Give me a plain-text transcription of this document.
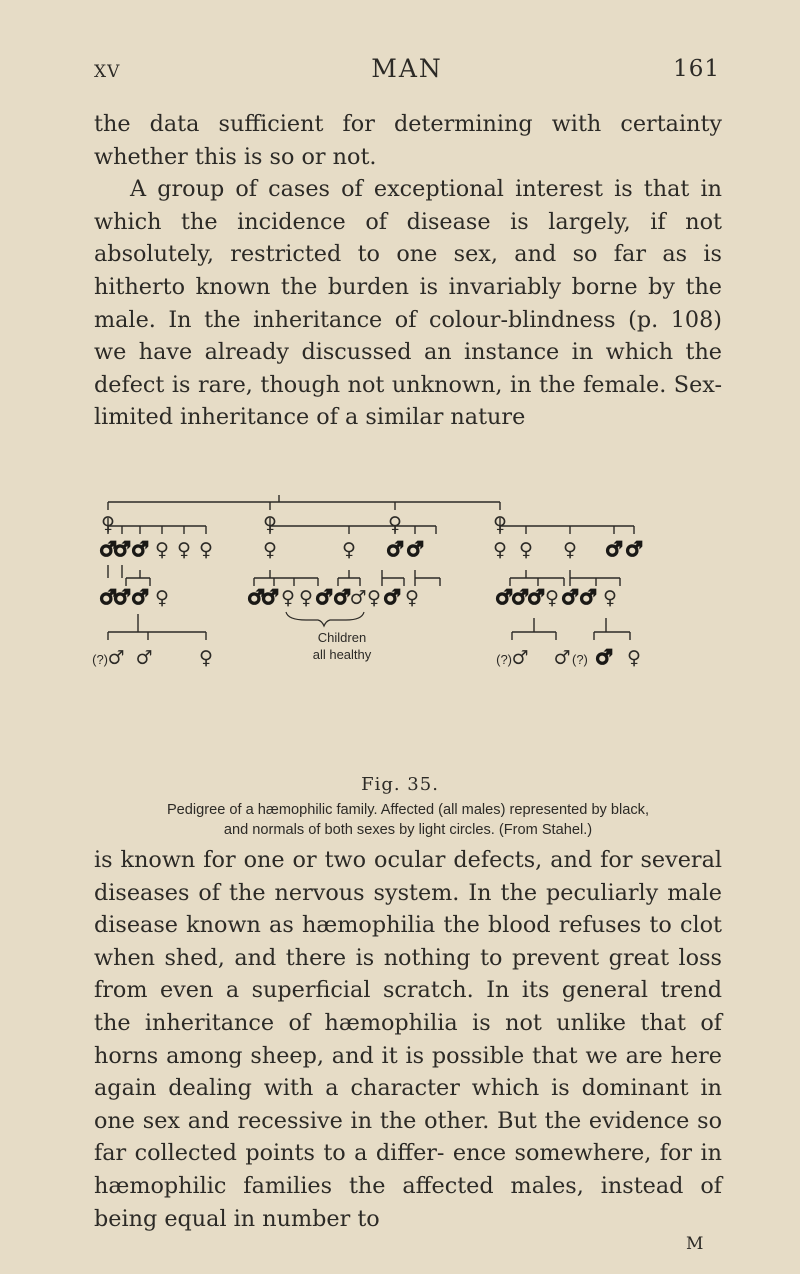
XV	MAN	161

the data sufficient for determining with certainty whether this is so or not.

A group of cases of exceptional interest is that in which the incidence of disease is largely, if not absolutely, restricted to one sex, and so far as is hitherto known the burden is invariably borne by the male. In the inheritance of colour-blindness (p. 108) we have already discussed an instance in which the defect is rare, though not unknown, in the female. Sex-limited inheritance of a similar nature

♀	♀	♀	♀
♂
♂ ♂ ♀ ♀ ♀	♀	♀ ♂ ♂	♀ ♀ ♀ ♂ ♂
♂
♂ ♂ ♀	♂
♂ ♀ ♀ ♂ ♂
♂ ♀ ♂ ♀	♂
♂
♂ ♀ ♂ ♂ ♀
♂ ♂ ♀	♂ ♂ ♂ ♀
Children
all healthy
(?)	(?)	(?)
Fig. 35.
Pedigree of a hæmophilic family. Affected (all males) represented by black,
and normals of both sexes by light circles. (From Stahel.)

is known for one or two ocular defects, and for several diseases of the nervous system. In the peculiarly male disease known as hæmophilia the blood refuses to clot when shed, and there is nothing to prevent great loss from even a superficial scratch. In its general trend the inheritance of hæmophilia is not unlike that of horns among sheep, and it is possible that we are here again dealing with a character which is dominant in one sex and recessive in the other. But the evidence so far collected points to a differ- ence somewhere, for in hæmophilic families the affected males, instead of being equal in number to

M
